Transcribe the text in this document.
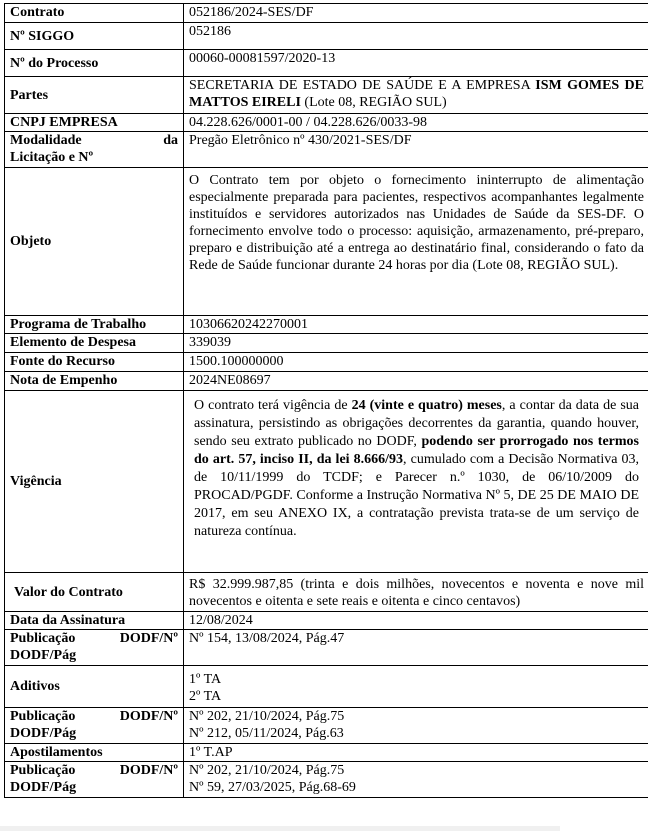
Contrato	052186/2024-SES/DF
Nº SIGGO	052186
Nº do Processo	00060-00081597/2020-13
Partes	SECRETARIA DE ESTADO DE SAÚDE E A EMPRESA ISM GOMES DE MATTOS EIRELI (Lote 08, REGIÃO SUL)
CNPJ EMPRESA	04.228.626/0001-00 / 04.228.626/0033-98

Modalidade da
Licitação e Nº	Pregão Eletrônico nº 430/2021-SES/DF
Objeto	O Contrato tem por objeto o fornecimento ininterrupto de alimentação especialmente preparada para pacientes, respectivos acompanhantes legalmente instituídos e servidores autorizados nas Unidades de Saúde da SES-DF. O fornecimento envolve todo o processo: aquisição, armazenamento, pré-preparo, preparo e distribuição até a entrega ao destinatário final, considerando o fato da Rede de Saúde funcionar durante 24 horas por dia (Lote 08, REGIÃO SUL).
Programa de Trabalho	10306620242270001
Elemento de Despesa	339039
Fonte do Recurso	1500.100000000
Nota de Empenho	2024NE08697
Vigência	O contrato terá vigência de 24 (vinte e quatro) meses, a contar da data de sua assinatura, persistindo as obrigações decorrentes da garantia, quando houver, sendo seu extrato publicado no DODF, podendo ser prorrogado nos termos do art. 57, inciso II, da lei 8.666/93, cumulado com a Decisão Normativa 03, de 10/11/1999 do TCDF; e Parecer n.º 1030, de 06/10/2009 do PROCAD/PGDF. Conforme a Instrução Normativa Nº 5, DE 25 DE MAIO DE 2017, em seu ANEXO IX, a contratação prevista trata-se de um serviço de natureza contínua.
Valor do Contrato	R$ 32.999.987,85 (trinta e dois milhões, novecentos e noventa e nove mil novecentos e oitenta e sete reais e oitenta e cinco centavos)
Data da Assinatura	12/08/2024

Publicação DODF/Nº
DODF/Pág	Nº 154, 13/08/2024, Pág.47
Aditivos	1º TA
2º TA

Publicação DODF/Nº
DODF/Pág	Nº 202, 21/10/2024, Pág.75
Nº 212, 05/11/2024, Pág.63

Apostilamentos	1º T.AP

Publicação DODF/Nº
DODF/Pág	Nº 202, 21/10/2024, Pág.75
Nº 59, 27/03/2025, Pág.68-69
